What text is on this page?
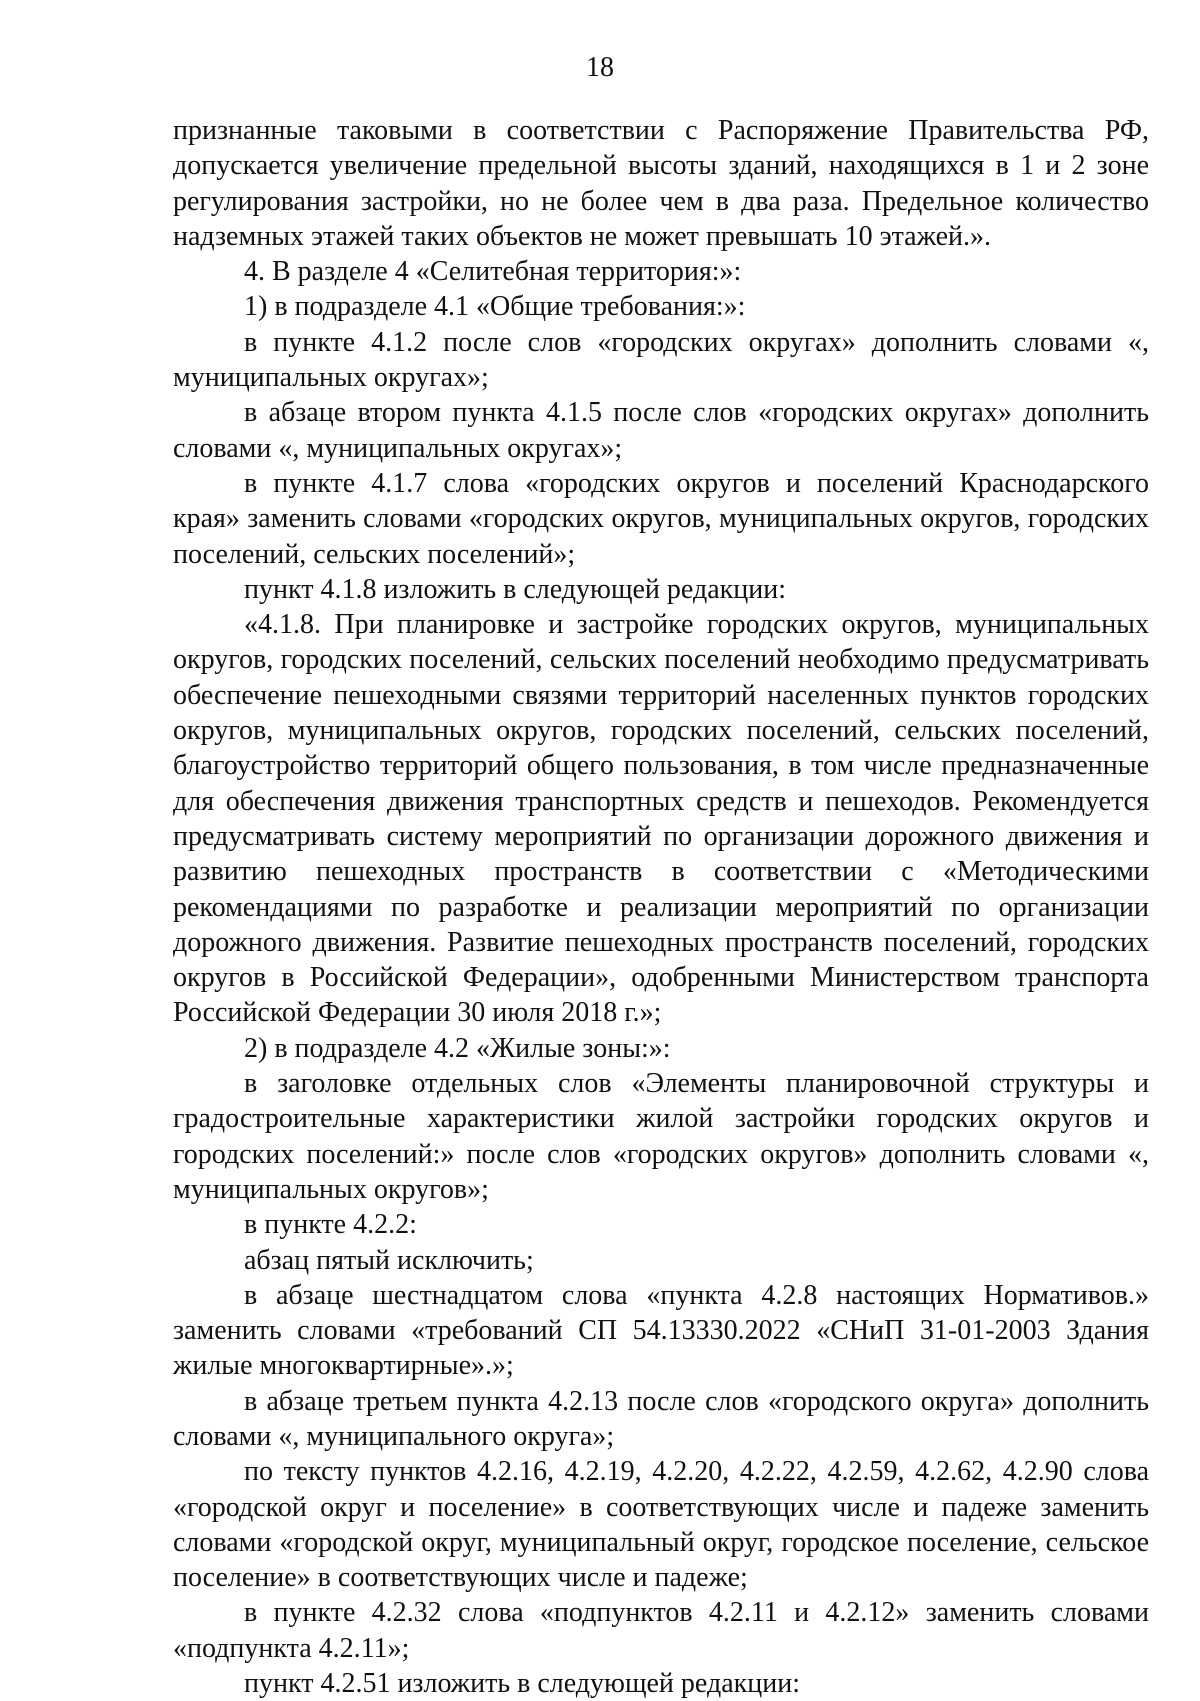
18

признанные таковыми в соответствии с Распоряжение Правительства РФ, допускается увеличение предельной высоты зданий, находящихся в 1 и 2 зоне регулирования застройки, но не более чем в два раза. Предельное количество надземных этажей таких объектов не может превышать 10 этажей.».

4. В разделе 4 «Селитебная территория:»:

1) в подразделе 4.1 «Общие требования:»:

в пункте 4.1.2 после слов «городских округах» дополнить словами «, муниципальных округах»;

в абзаце втором пункта 4.1.5 после слов «городских округах» дополнить словами «, муниципальных округах»;

в пункте 4.1.7 слова «городских округов и поселений Краснодарского края» заменить словами «городских округов, муниципальных округов, городских поселений, сельских поселений»;

пункт 4.1.8 изложить в следующей редакции:

«4.1.8. При планировке и застройке городских округов, муниципальных округов, городских поселений, сельских поселений необходимо предусматривать обеспечение пешеходными связями территорий населенных пунктов городских округов, муниципальных округов, городских поселений, сельских поселений, благоустройство территорий общего пользования, в том числе предназначенные для обеспечения движения транспортных средств и пешеходов. Рекомендуется предусматривать систему мероприятий по организации дорожного движения и развитию пешеходных пространств в соответствии с «Методическими рекомендациями по разработке и реализации мероприятий по организации дорожного движения. Развитие пешеходных пространств поселений, городских округов в Российской Федерации», одобренными Министерством транспорта Российской Федерации 30 июля 2018 г.»;

2) в подразделе 4.2 «Жилые зоны:»:

в заголовке отдельных слов «Элементы планировочной структуры и градостроительные характеристики жилой застройки городских округов и городских поселений:» после слов «городских округов» дополнить словами «, муниципальных округов»;

в пункте 4.2.2:

абзац пятый исключить;

в абзаце шестнадцатом слова «пункта 4.2.8 настоящих Нормативов.» заменить словами «требований СП 54.13330.2022 «СНиП 31-01-2003 Здания жилые многоквартирные».»;

в абзаце третьем пункта 4.2.13 после слов «городского округа» дополнить словами «, муниципального округа»;

по тексту пунктов 4.2.16, 4.2.19, 4.2.20, 4.2.22, 4.2.59, 4.2.62, 4.2.90 слова «городской округ и поселение» в соответствующих числе и падеже заменить словами «городской округ, муниципальный округ, городское поселение, сельское поселение» в соответствующих числе и падеже;

в пункте 4.2.32 слова «подпунктов 4.2.11 и 4.2.12» заменить словами «подпункта 4.2.11»;

пункт 4.2.51 изложить в следующей редакции:
